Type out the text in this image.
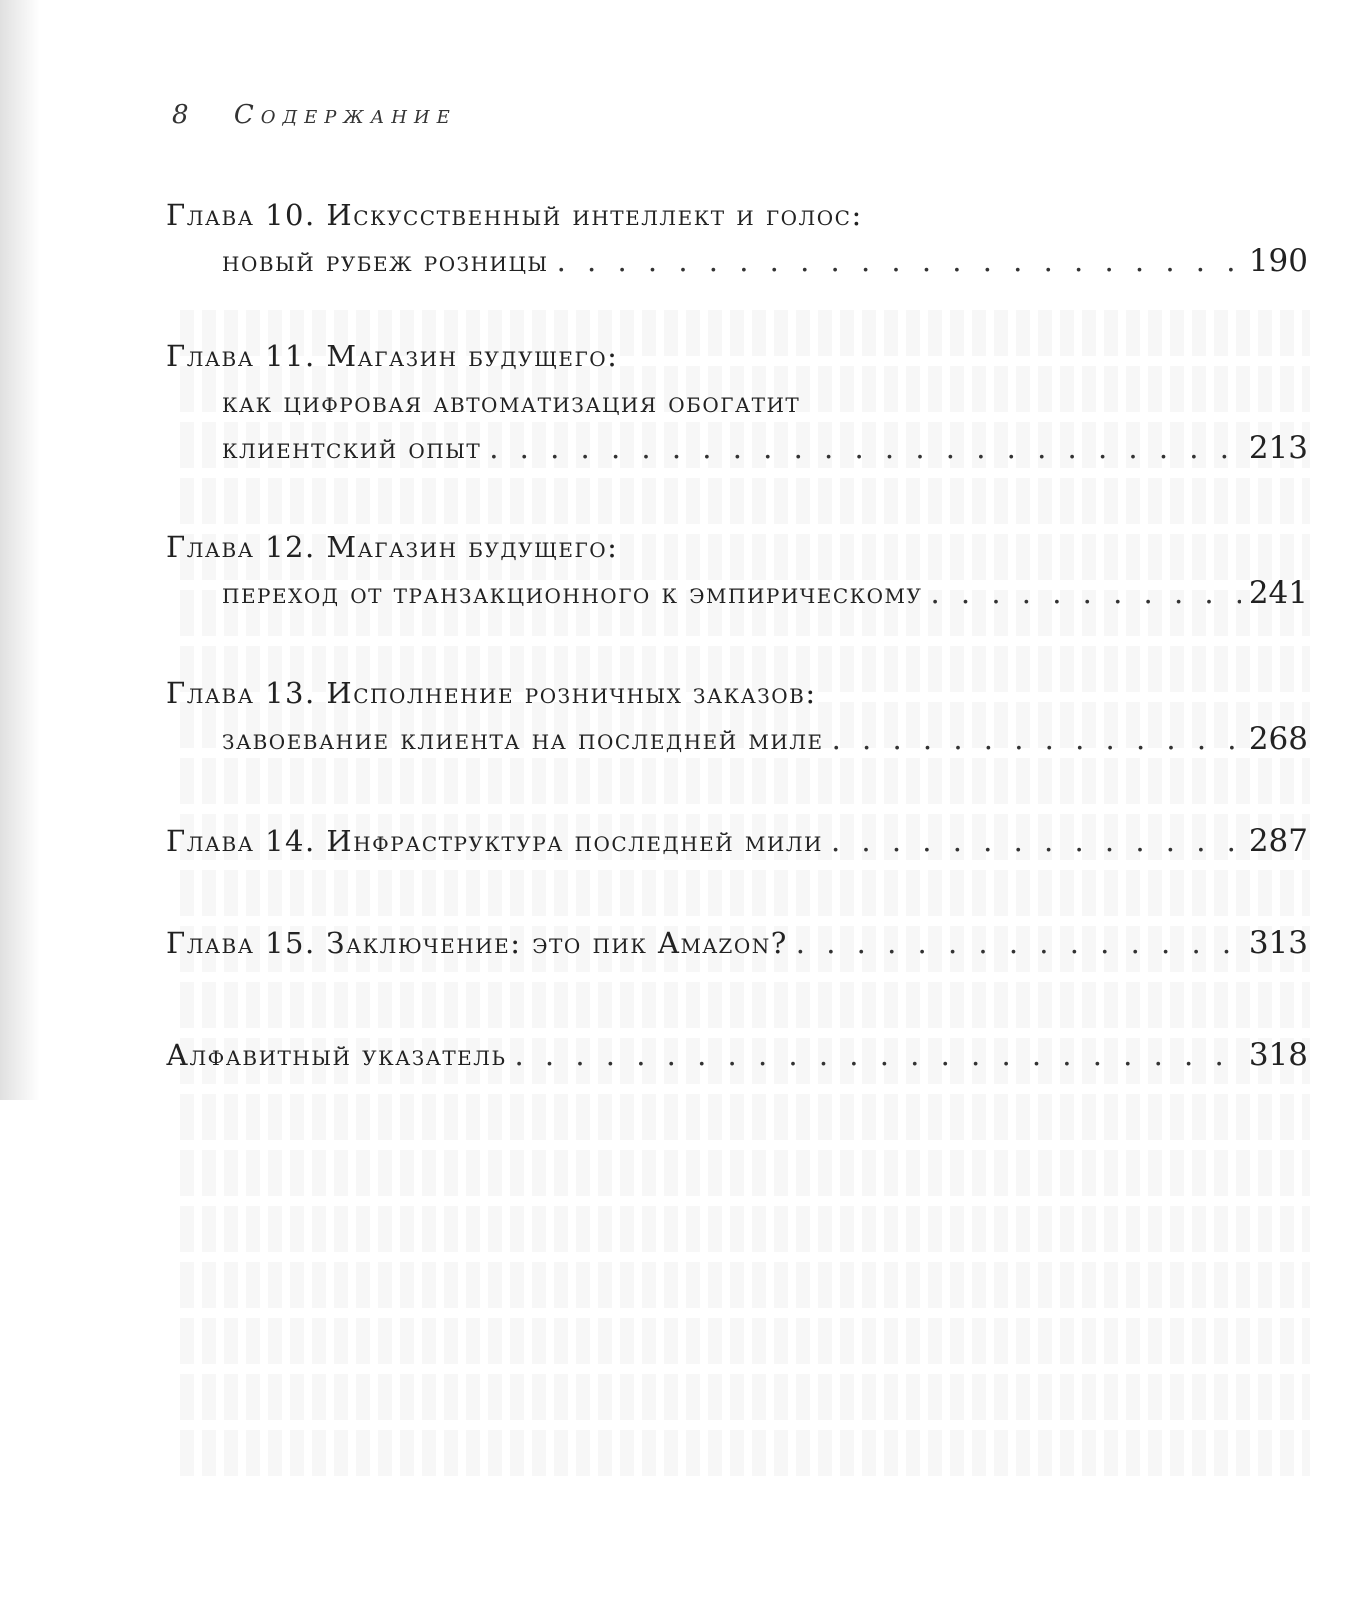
8 Содержание
Глава 10. Искусственный интеллект и голос:
новый рубеж розницы . . .	190
Глава 11. Магазин будущего:
как цифровая автоматизация обогатит
клиентский опыт . . .	213
Глава 12. Магазин будущего:
переход от транзакционного к эмпирическому . . .	241
Глава 13. Исполнение розничных заказов:
завоевание клиента на последней миле . . .	268
Глава 14. Инфраструктура последней мили . . .	287
Глава 15. Заключение: это пик Amazon? . . .	313
Алфавитный указатель . . .	318
